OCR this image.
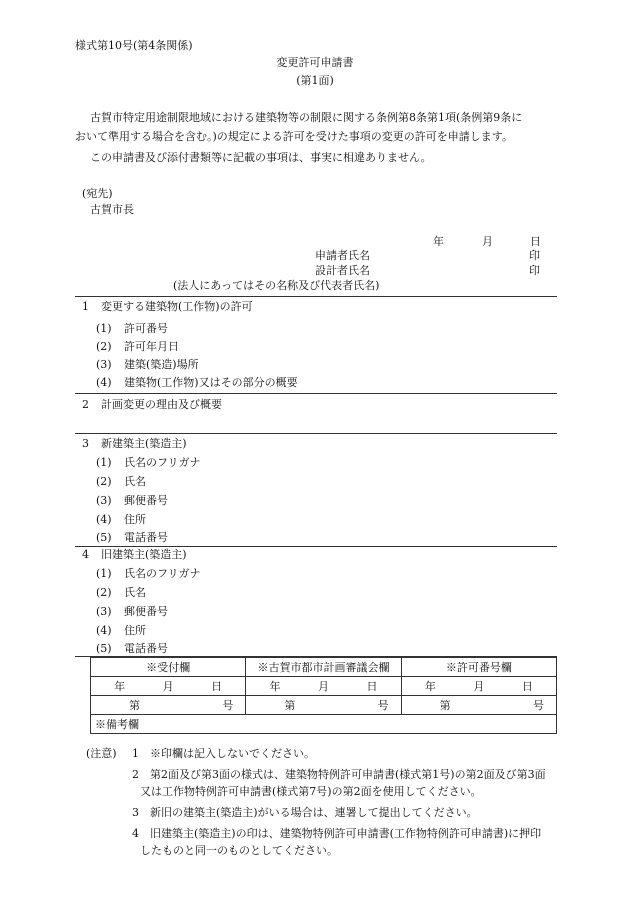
様式第10号(第4条関係)
変更許可申請書
(第1面)
古賀市特定用途制限地域における建築物等の制限に関する条例第8条第1項(条例第9条に
おいて準用する場合を含む。)の規定による許可を受けた事項の変更の許可を申請します。
この申請書及び添付書類等に記載の事項は、事実に相違ありません。
(宛先)
古賀市長
年	月	日
申請者氏名	印
設計者氏名	印
(法人にあってはその名称及び代表者氏名)
1 変更する建築物(工作物)の許可
(1) 許可番号
(2) 許可年月日
(3) 建築(築造)場所
(4) 建築物(工作物)又はその部分の概要
2 計画変更の理由及び概要
3 新建築主(築造主)
(1) 氏名のフリガナ
(2) 氏名
(3) 郵便番号
(4) 住所
(5) 電話番号
4 旧建築主(築造主)
(1) 氏名のフリガナ
(2) 氏名
(3) 郵便番号
(4) 住所
(5) 電話番号
※受付欄	※古賀市都市計画審議会欄	※許可番号欄

年 月 日	年 月 日	年 月 日

第 号	第 号	第 号

※備考欄		
(注意) 1 ※印欄は記入しないでください。
2 第2面及び第3面の様式は、建築物特例許可申請書(様式第1号)の第2面及び第3面
又は工作物特例許可申請書(様式第7号)の第2面を使用してください。
3 新旧の建築主(築造主)がいる場合は、連署して提出してください。
4 旧建築主(築造主)の印は、建築物特例許可申請書(工作物特例許可申請書)に押印
したものと同一のものとしてください。
